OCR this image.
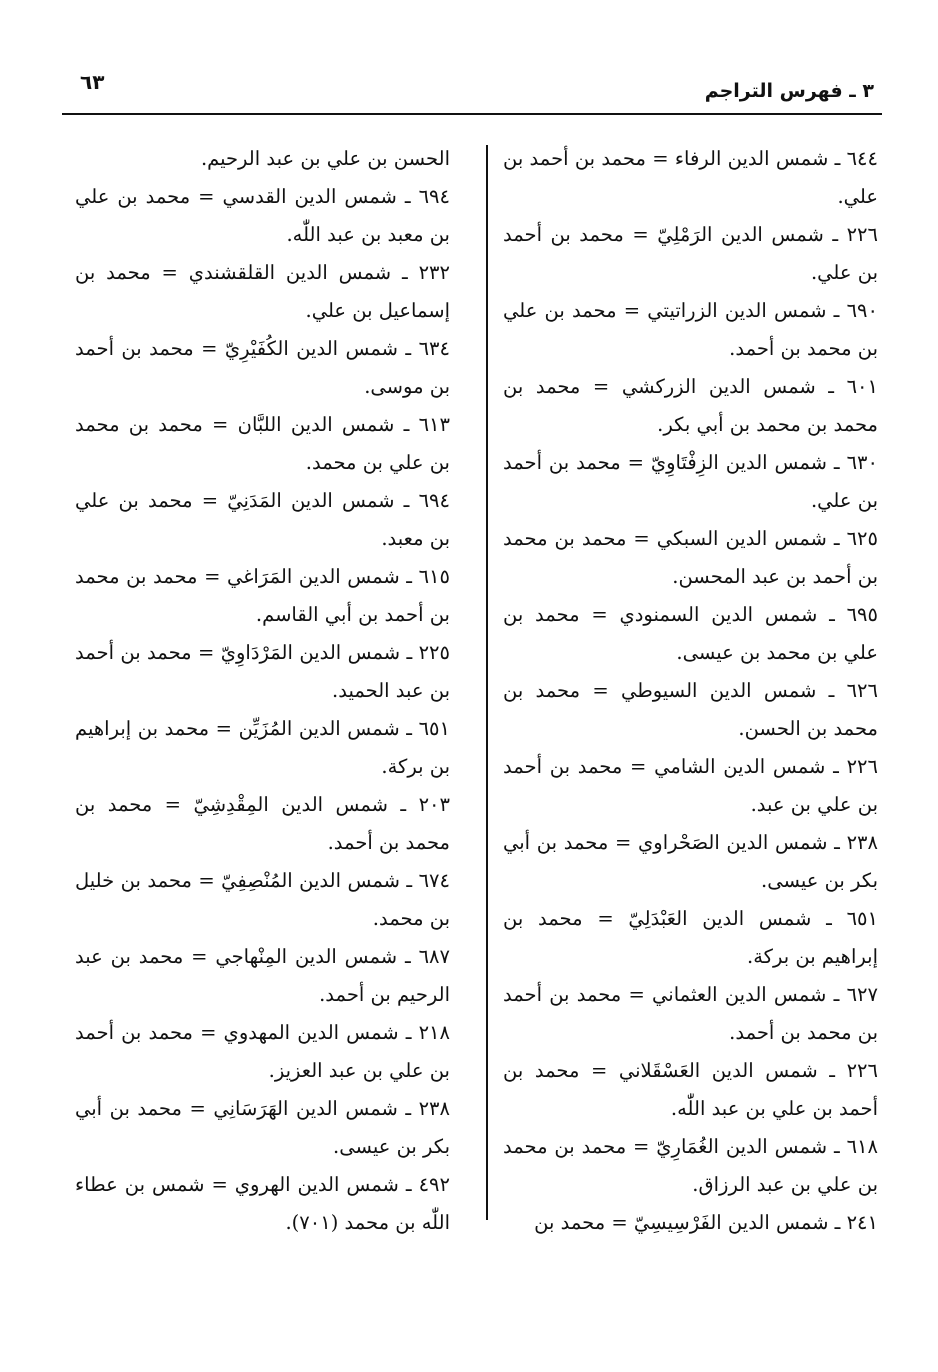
٣ ـ فهرس التراجم
٦٣
٦٤٤ ـ شمس الدين الرفاء = محمد بن أحمد بن علي.
٢٢٦ ـ شمس الدين الرَمْلِيّ = محمد بن أحمد بن علي.
٦٩٠ ـ شمس الدين الزراتيتي = محمد بن علي بن محمد بن أحمد.
٦٠١ ـ شمس الدين الزركشي = محمد بن محمد بن محمد بن أبي بكر.
٦٣٠ ـ شمس الدين الزِفْتَاوِيّ = محمد بن أحمد بن علي.
٦٢٥ ـ شمس الدين السبكي = محمد بن محمد بن أحمد بن عبد المحسن.
٦٩٥ ـ شمس الدين السمنودي = محمد بن علي بن محمد بن عيسى.
٦٢٦ ـ شمس الدين السيوطي = محمد بن محمد بن الحسن.
٢٢٦ ـ شمس الدين الشامي = محمد بن أحمد بن علي بن عبد.
٢٣٨ ـ شمس الدين الصَحْراوي = محمد بن أبي بكر بن عيسى.
٦٥١ ـ شمس الدين العَبْدَلِيّ = محمد بن إبراهيم بن بركة.
٦٢٧ ـ شمس الدين العثماني = محمد بن أحمد بن محمد بن أحمد.
٢٢٦ ـ شمس الدين العَسْقَلاني = محمد بن أحمد بن علي بن عبد اللّٰه.
٦١٨ ـ شمس الدين الغُمَارِيّ = محمد بن محمد بن علي بن عبد الرزاق.
٢٤١ ـ شمس الدين الفَرْسِيسِيّ = محمد بن
الحسن بن علي بن عبد الرحيم.
٦٩٤ ـ شمس الدين القدسي = محمد بن علي بن معبد بن عبد اللّٰه.
٢٣٢ ـ شمس الدين القلقشندي = محمد بن إسماعيل بن علي.
٦٣٤ ـ شمس الدين الكُفَيْرِيّ = محمد بن أحمد بن موسى.
٦١٣ ـ شمس الدين اللبَّان = محمد بن محمد بن علي بن محمد.
٦٩٤ ـ شمس الدين المَدَنِيّ = محمد بن علي بن معبد.
٦١٥ ـ شمس الدين المَرَاغي = محمد بن محمد بن أحمد بن أبي القاسم.
٢٢٥ ـ شمس الدين المَرْدَاوِيّ = محمد بن أحمد بن عبد الحميد.
٦٥١ ـ شمس الدين المُزَيِّن = محمد بن إبراهيم بن بركة.
٢٠٣ ـ شمس الدين المِقْدِشِيّ = محمد بن محمد بن أحمد.
٦٧٤ ـ شمس الدين المُنْصِفِيّ = محمد بن خليل بن محمد.
٦٨٧ ـ شمس الدين المِنْهاجي = محمد بن عبد الرحيم بن أحمد.
٢١٨ ـ شمس الدين المهدوي = محمد بن أحمد بن علي بن عبد العزيز.
٢٣٨ ـ شمس الدين الهَرَسَانِي = محمد بن أبي بكر بن عيسى.
٤٩٢ ـ شمس الدين الهروي = شمس بن عطاء اللّٰه بن محمد (٧٠١).
